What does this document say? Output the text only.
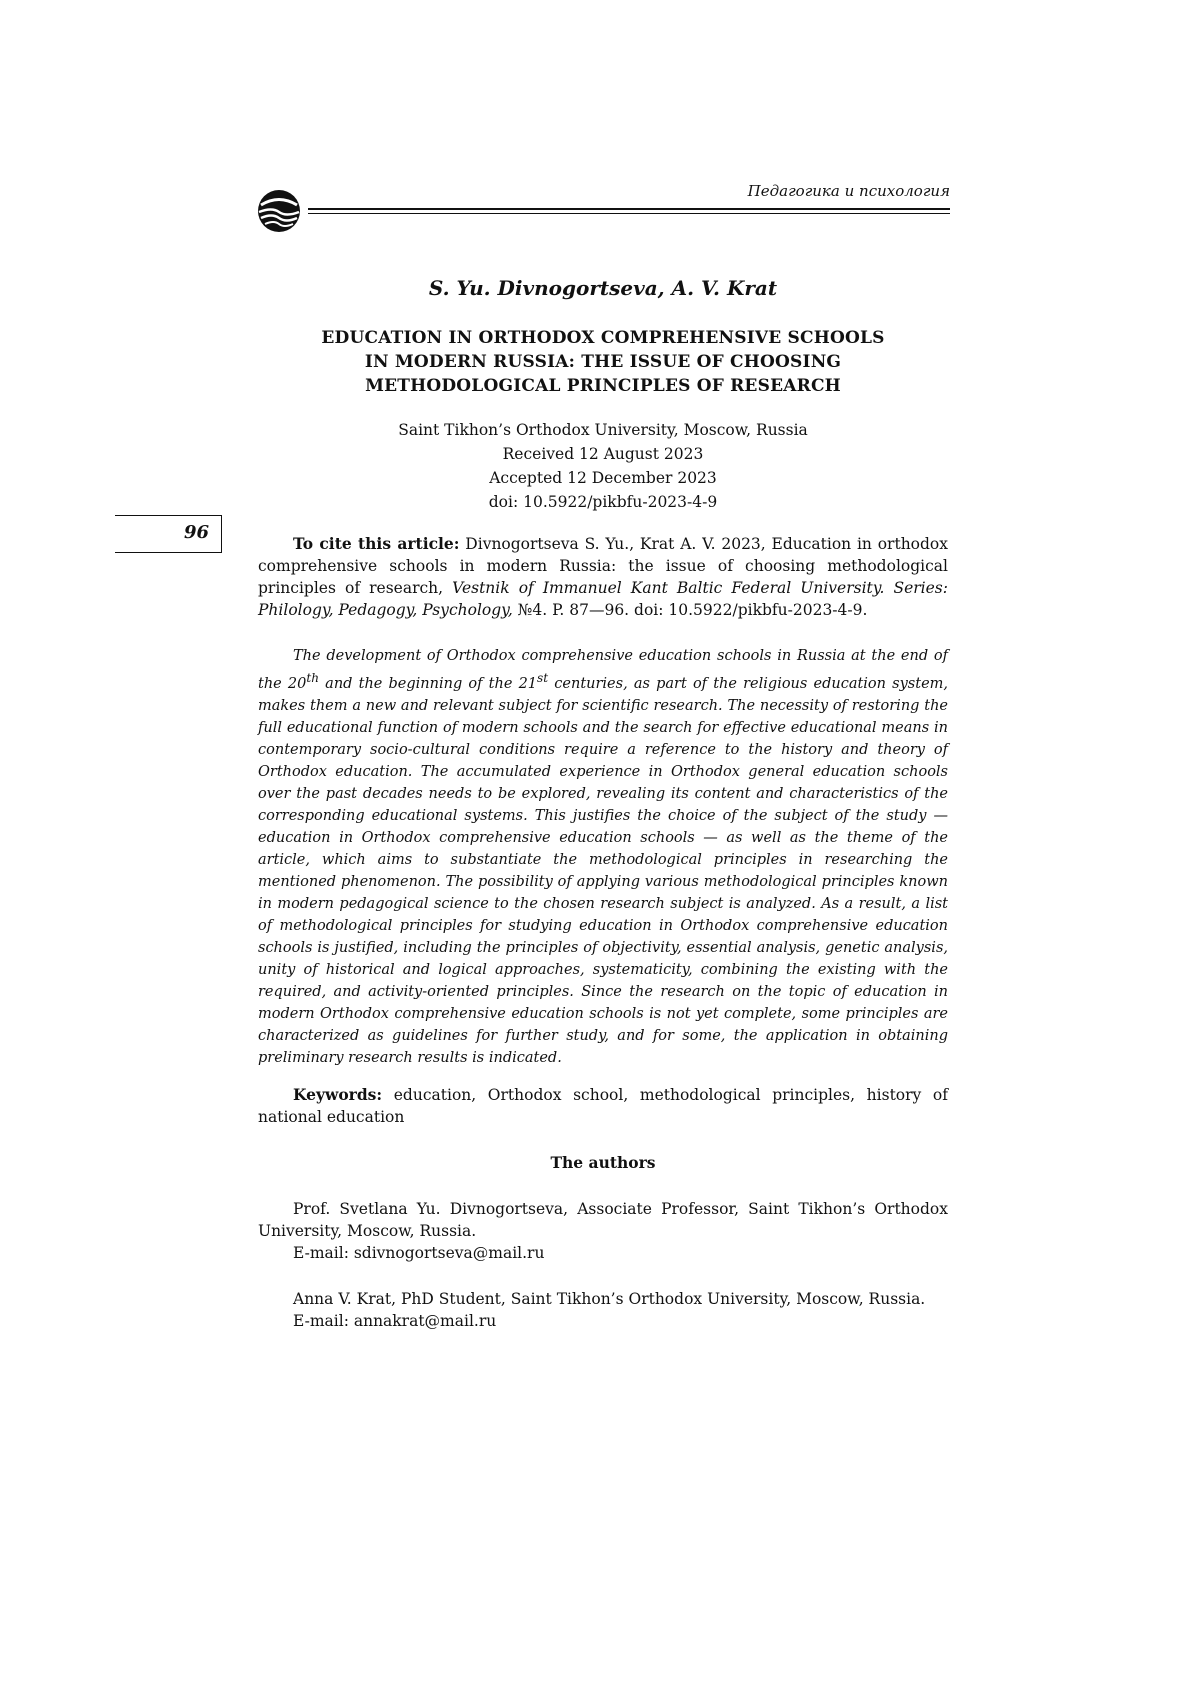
Педагогика и психология
96
S. Yu. Divnogortseva, A. V. Krat
EDUCATION IN ORTHODOX COMPREHENSIVE SCHOOLS
IN MODERN RUSSIA: THE ISSUE OF CHOOSING
METHODOLOGICAL PRINCIPLES OF RESEARCH
Saint Tikhon’s Orthodox University, Moscow, Russia
Received 12 August 2023
Accepted 12 December 2023
doi: 10.5922/pikbfu-2023-4-9

To cite this article: Divnogortseva S. Yu., Krat A. V. 2023, Education in orthodox comprehensive schools in modern Russia: the issue of choosing methodological principles of research, Vestnik of Immanuel Kant Baltic Federal University. Series: Philology, Pedagogy, Psychology, №4. P. 87—96. doi: 10.5922/pikbfu-2023-4-9.

The development of Orthodox comprehensive education schools in Russia at the end of the 20th and the beginning of the 21st centuries, as part of the religious education system, makes them a new and relevant subject for scientific research. The necessity of restoring the full educational function of modern schools and the search for effective educational means in contemporary socio-cultural conditions require a reference to the history and theory of Orthodox education. The accumulated experience in Orthodox general education schools over the past decades needs to be explored, revealing its content and characteristics of the corresponding educational systems. This justifies the choice of the subject of the study — education in Orthodox comprehensive education schools — as well as the theme of the article, which aims to substantiate the methodological principles in researching the mentioned phenomenon. The possibility of applying various methodological principles known in modern pedagogical science to the chosen research subject is analyzed. As a result, a list of methodological principles for studying education in Orthodox comprehensive education schools is justified, including the principles of objectivity, essential analysis, genetic analysis, unity of historical and logical approaches, systematicity, combining the existing with the required, and activity-oriented principles. Since the research on the topic of education in modern Orthodox comprehensive education schools is not yet complete, some principles are characterized as guidelines for further study, and for some, the application in obtaining preliminary research results is indicated.

Keywords: education, Orthodox school, methodological principles, history of national education

The authors

Prof. Svetlana Yu. Divnogortseva, Associate Professor, Saint Tikhon’s Orthodox University, Moscow, Russia.

E-mail: sdivnogortseva@mail.ru

Anna V. Krat, PhD Student, Saint Tikhon’s Orthodox University, Moscow, Russia.

E-mail: annakrat@mail.ru
